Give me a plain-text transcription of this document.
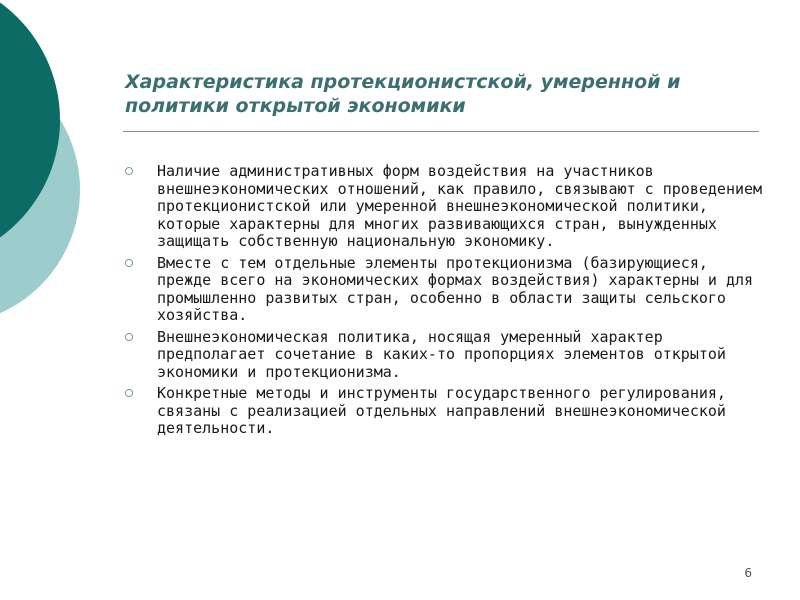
Характеристика протекционистской, умеренной и политики открытой экономики
Наличие административных форм воздействия на участников внешнеэкономических отношений, как правило, связывают с проведением протекционистской или умеренной внешнеэкономической политики, которые характерны для многих развивающихся стран, вынужденных защищать собственную национальную экономику.
Вместе с тем отдельные элементы протекционизма (базирующиеся, прежде всего на экономических формах воздействия) характерны и для промышленно развитых стран, особенно в области защиты сельского хозяйства.
Внешнеэкономическая политика, носящая умеренный характер предполагает сочетание в каких-то пропорциях элементов открытой экономики и протекционизма.
Конкретные методы и инструменты государственного регулирования, связаны с реализацией отдельных направлений внешнеэкономической деятельности.
6
